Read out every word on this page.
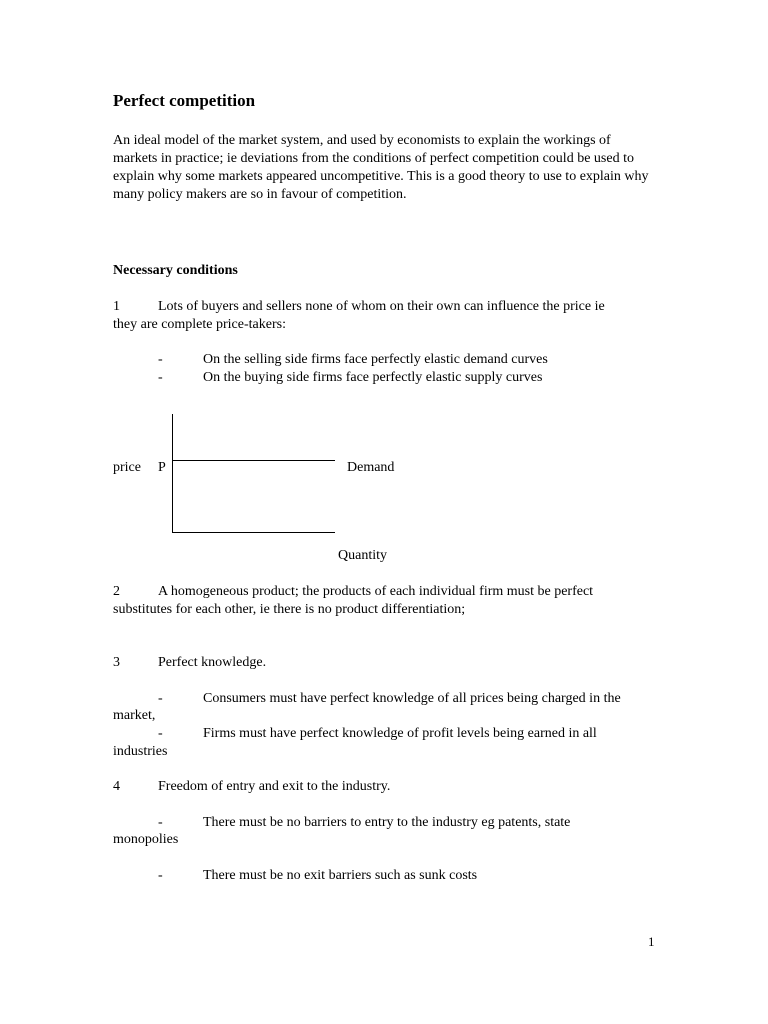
Perfect competition
An ideal model of the market system, and used by economists to explain the workings of markets in practice; ie deviations from the conditions of perfect competition could be used to explain why some markets appeared uncompetitive. This is a good theory to use to explain why many policy makers are so in favour of competition.
Necessary conditions
1	Lots of buyers and sellers none of whom on their own can influence the price ie
they are complete price-takers:
-	On the selling side firms face perfectly elastic demand curves
-	On the buying side firms face perfectly elastic supply curves
price P	Demand
Quantity
2	A homogeneous product; the products of each individual firm must be perfect
substitutes for each other, ie there is no product differentiation;
3	Perfect knowledge.
-	Consumers must have perfect knowledge of all prices being charged in the
market,
-	Firms must have perfect knowledge of profit levels being earned in all
industries
4	Freedom of entry and exit to the industry.
-	There must be no barriers to entry to the industry eg patents, state
monopolies
-	There must be no exit barriers such as sunk costs
1
